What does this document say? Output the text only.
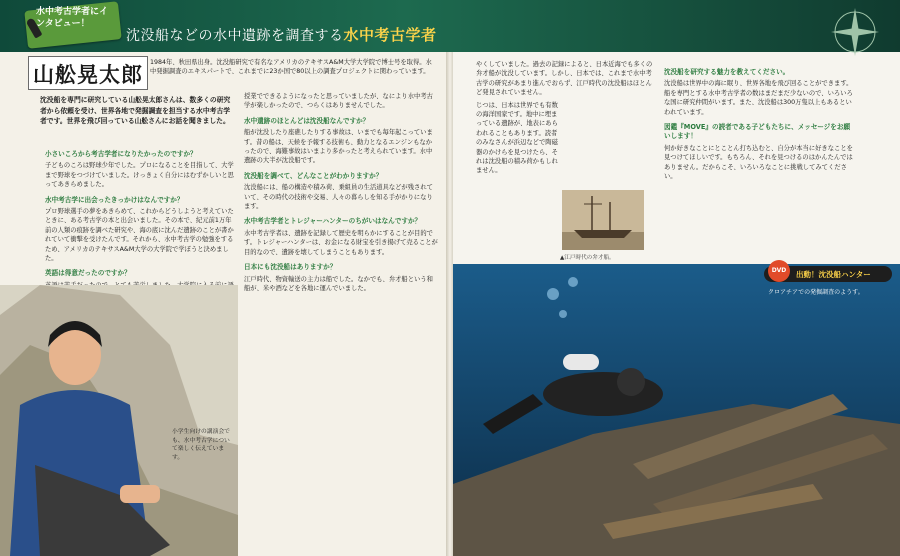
水中考古学者にインタビュー！
沈没船などの水中遺跡を調査する水中考古学者
山舩晃太郎
1984年、秋田県出身。沈没船研究で有名なアメリカのテキサスA&M大学大学院で博士号を取得。水中発掘調査のエキスパートで、これまでに23か国で80以上の調査プロジェクトに関わっています。
沈没船を専門に研究している山舩晃太郎さんは、数多くの研究者から依頼を受け、世界各地で発掘調査を担当する水中考古学者です。世界を飛び回っている山舩さんにお話を聞きました。
小さいころから考古学者になりたかったのですか？
子どものころは野球少年でした。プロになることを目指して、大学まで野球をつづけていました。けっきょく自分にはむずかしいと思ってあきらめました。
水中考古学に出会ったきっかけはなんですか？
プロ野球選手の夢をあきらめて、これからどうしようと考えていたときに、ある考古学の本と出会いました。その本で、紀元前1万年前の人類の痕跡を調べた研究や、海の底に沈んだ遺跡のことが書かれていて衝撃を受けたんです。それから、水中考古学の勉強をするため、アメリカのテキサスA&M大学の大学院で学ぼうと決めました。
英語は得意だったのですか？
小学生向けの講演会でも、水中考古学について楽しく伝えています。
授業でできるようになったと思っていましたが、なにより水中考古学が楽しかったので、つらくはありませんでした。
水中遺跡のほとんどは沈没船なんですか？
船が沈没したり座礁したりする事故は、いまでも毎年起こっています。昔の船は、天候を予報する技術も、動力となるエンジンもなかったので、海難事故はいまより多かったと考えられています。水中遺跡の大半が沈没船です。
沈没船を調べて、どんなことがわかりますか？
沈没船には、船の構造や積み荷、乗組員の生活道具などが残されていて、その時代の技術や交易、人々の暮らしを知る手がかりになります。
水中考古学者とトレジャーハンターのちがいはなんですか？
水中考古学者は、遺跡を記録して歴史を明らかにすることが目的です。トレジャーハンターは、お金になる財宝を引き揚げて売ることが目的なので、遺跡を壊してしまうこともあります。
日本にも沈没船はありますか？
江戸時代、物資輸送の主力は船でした。なかでも、弁才船という和船が、米や酒などを各地に運んでいました。
やくしていました。過去の記録によると、日本近海でも多くの弁才船が沈没しています。しかし、日本では、これまで水中考古学の研究があまり進んでおらず、江戸時代の沈没船はほとんど発見されていません。
じつは、日本は世界でも有数の海洋国家です。地中に埋まっている遺跡が、地表にあらわれることもあります。読者のみなさんが浜辺などで陶磁器のかけらを見つけたら、それは沈没船の積み荷かもしれません。
▲江戸時代の弁才船。
沈没船を研究する魅力を教えてください。
沈没船は世界中の海に眠り、世界各地を飛び回ることができます。船を専門とする水中考古学者の数はまだまだ少ないので、いろいろな国に研究仲間がいます。また、沈没船は300万隻以上もあるといわれています。
図鑑『MOVE』の読者である子どもたちに、メッセージをお願いします！
何か好きなことにとことん打ち込むと、自分が本当に好きなことを見つけてほしいです。もちろん、それを見つけるのはかんたんではありません。だからこそ、いろいろなことに挑戦してみてください。
DVD	出動！沈没船ハンター
クロアチアでの発掘調査のようす。
